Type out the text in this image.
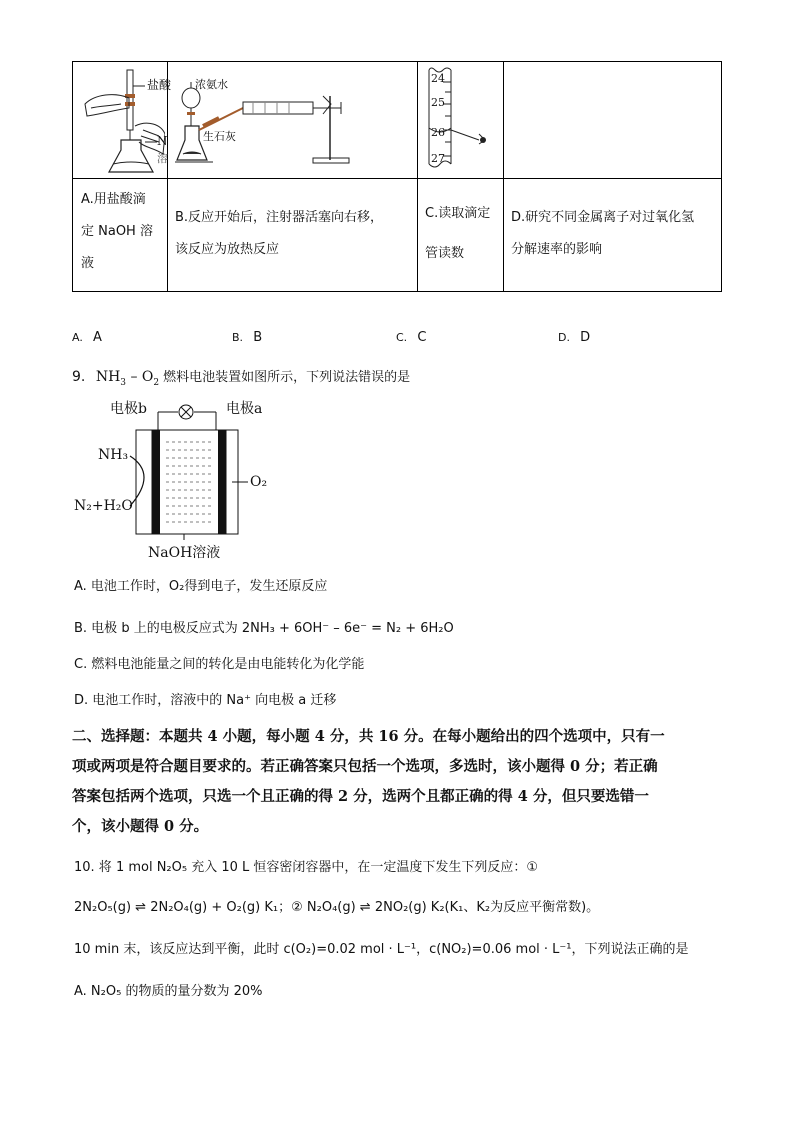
盐酸
N
溶
浓氨水
生石灰
24
25
26
27
A.用盐酸滴
定 NaOH 溶
液
B.反应开始后，注射器活塞向右移，
该反应为放热反应
C.读取滴定
管读数
D.研究不同金属离子对过氧化氢
分解速率的影响
A. A	B. B	C. C	D. D
9. $NH_3 - O_2$ 燃料电池装置如图所示，下列说法错误的是
电极b	电极a
NH₃
O₂
N₂+H₂O
NaOH溶液
A. 电池工作时，O₂得到电子，发生还原反应
B. 电极 b 上的电极反应式为 2NH₃ + 6OH⁻ – 6e⁻ = N₂ + 6H₂O
C. 燃料电池能量之间的转化是由电能转化为化学能
D. 电池工作时，溶液中的 Na⁺ 向电极 a 迁移
二、选择题：本题共 4 小题，每小题 4 分，共 16 分。在每小题给出的四个选项中，只有一
项或两项是符合题目要求的。若正确答案只包括一个选项，多选时，该小题得 0 分；若正确
答案包括两个选项，只选一个且正确的得 2 分，选两个且都正确的得 4 分，但只要选错一
个，该小题得 0 分。
10. 将 1 mol N₂O₅ 充入 10 L 恒容密闭容器中，在一定温度下发生下列反应：①
2N₂O₅(g) ⇌ 2N₂O₄(g) + O₂(g) K₁；② N₂O₄(g) ⇌ 2NO₂(g) K₂(K₁、K₂为反应平衡常数)。
10 min 末，该反应达到平衡，此时 c(O₂)=0.02 mol · L⁻¹，c(NO₂)=0.06 mol · L⁻¹，下列说法正确的是
A. N₂O₅ 的物质的量分数为 20%
